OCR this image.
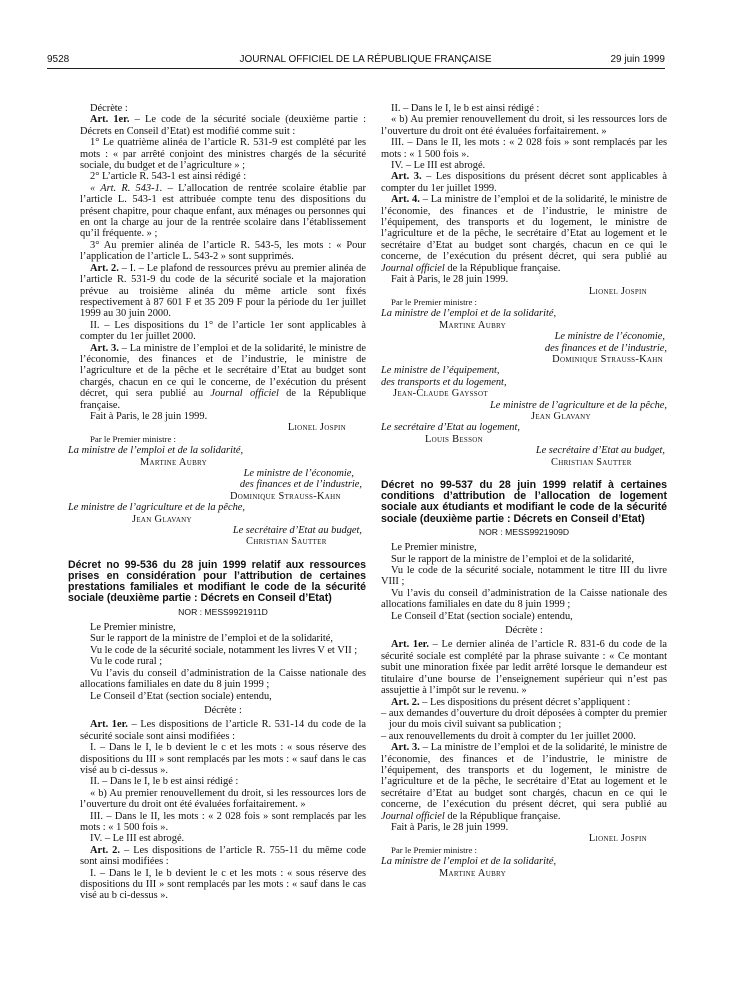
9528	JOURNAL OFFICIEL DE LA RÉPUBLIQUE FRANÇAISE	29 juin 1999
Décrète :
Art. 1er. – Le code de la sécurité sociale (deuxième partie : Décrets en Conseil d’Etat) est modifié comme suit :
1° Le quatrième alinéa de l’article R. 531-9 est complété par les mots : « par arrêté conjoint des ministres chargés de la sécurité sociale, du budget et de l’agriculture » ;
2° L’article R. 543-1 est ainsi rédigé :
« Art. R. 543-1. – L’allocation de rentrée scolaire établie par l’article L. 543-1 est attribuée compte tenu des dispositions du présent chapitre, pour chaque enfant, aux ménages ou personnes qui en ont la charge au jour de la rentrée scolaire dans l’établissement qu’il fréquente. » ;
3° Au premier alinéa de l’article R. 543-5, les mots : « Pour l’application de l’article L. 543-2 » sont supprimés.
Art. 2. – I. – Le plafond de ressources prévu au premier alinéa de l’article R. 531-9 du code de la sécurité sociale et la majoration prévue au troisième alinéa du même article sont fixés respectivement à 87 601 F et 35 209 F pour la période du 1er juillet 1999 au 30 juin 2000.
II. – Les dispositions du 1° de l’article 1er sont applicables à compter du 1er juillet 2000.
Art. 3. – La ministre de l’emploi et de la solidarité, le ministre de l’économie, des finances et de l’industrie, le ministre de l’agriculture et de la pêche et le secrétaire d’Etat au budget sont chargés, chacun en ce qui le concerne, de l’exécution du présent décret, qui sera publié au Journal officiel de la République française.
Fait à Paris, le 28 juin 1999.
Lionel Jospin
Par le Premier ministre :
La ministre de l’emploi et de la solidarité,
Martine Aubry
Le ministre de l’économie,
des finances et de l’industrie,
Dominique Strauss-Kahn
Le ministre de l’agriculture et de la pêche,
Jean Glavany
Le secrétaire d’Etat au budget,
Christian Sautter
Décret no 99-536 du 28 juin 1999 relatif aux ressources prises en considération pour l’attribution de certaines prestations familiales et modifiant le code de la sécurité sociale (deuxième partie : Décrets en Conseil d’Etat)
NOR : MESS9921911D
Le Premier ministre,
Sur le rapport de la ministre de l’emploi et de la solidarité,
Vu le code de la sécurité sociale, notamment les livres V et VII ;
Vu le code rural ;
Vu l’avis du conseil d’administration de la Caisse nationale des allocations familiales en date du 8 juin 1999 ;
Le Conseil d’Etat (section sociale) entendu,
Décrète :
Art. 1er. – Les dispositions de l’article R. 531-14 du code de la sécurité sociale sont ainsi modifiées :
I. – Dans le I, le b devient le c et les mots : « sous réserve des dispositions du III » sont remplacés par les mots : « sauf dans le cas visé au b ci-dessus ».
II. – Dans le I, le b est ainsi rédigé :
« b) Au premier renouvellement du droit, si les ressources lors de l’ouverture du droit ont été évaluées forfaitairement. »
III. – Dans le II, les mots : « 2 028 fois » sont remplacés par les mots : « 1 500 fois ».
IV. – Le III est abrogé.
Art. 2. – Les dispositions de l’article R. 755-11 du même code sont ainsi modifiées :
I. – Dans le I, le b devient le c et les mots : « sous réserve des dispositions du III » sont remplacés par les mots : « sauf dans le cas visé au b ci-dessus ».
II. – Dans le I, le b est ainsi rédigé :
« b) Au premier renouvellement du droit, si les ressources lors de l’ouverture du droit ont été évaluées forfaitairement. »
III. – Dans le II, les mots : « 2 028 fois » sont remplacés par les mots : « 1 500 fois ».
IV. – Le III est abrogé.
Art. 3. – Les dispositions du présent décret sont applicables à compter du 1er juillet 1999.
Art. 4. – La ministre de l’emploi et de la solidarité, le ministre de l’économie, des finances et de l’industrie, le ministre de l’équipement, des transports et du logement, le ministre de l’agriculture et de la pêche, le secrétaire d’Etat au logement et le secrétaire d’Etat au budget sont chargés, chacun en ce qui le concerne, de l’exécution du présent décret, qui sera publié au Journal officiel de la République française.
Fait à Paris, le 28 juin 1999.
Lionel Jospin
Par le Premier ministre :
La ministre de l’emploi et de la solidarité,
Martine Aubry
Le ministre de l’économie,
des finances et de l’industrie,
Dominique Strauss-Kahn
Le ministre de l’équipement,
des transports et du logement,
Jean-Claude Gayssot
Le ministre de l’agriculture et de la pêche,
Jean Glavany
Le secrétaire d’Etat au logement,
Louis Besson
Le secrétaire d’Etat au budget,
Christian Sautter
Décret no 99-537 du 28 juin 1999 relatif à certaines conditions d’attribution de l’allocation de logement sociale aux étudiants et modifiant le code de la sécurité sociale (deuxième partie : Décrets en Conseil d’Etat)
NOR : MESS9921909D
Le Premier ministre,
Sur le rapport de la ministre de l’emploi et de la solidarité,
Vu le code de la sécurité sociale, notamment le titre III du livre VIII ;
Vu l’avis du conseil d’administration de la Caisse nationale des allocations familiales en date du 8 juin 1999 ;
Le Conseil d’Etat (section sociale) entendu,
Décrète :
Art. 1er. – Le dernier alinéa de l’article R. 831-6 du code de la sécurité sociale est complété par la phrase suivante : « Ce montant subit une minoration fixée par ledit arrêté lorsque le demandeur est titulaire d’une bourse de l’enseignement supérieur qui n’est pas assujettie à l’impôt sur le revenu. »
Art. 2. – Les dispositions du présent décret s’appliquent :
– aux demandes d’ouverture du droit déposées à compter du premier jour du mois civil suivant sa publication ;
– aux renouvellements du droit à compter du 1er juillet 2000.
Art. 3. – La ministre de l’emploi et de la solidarité, le ministre de l’économie, des finances et de l’industrie, le ministre de l’équipement, des transports et du logement, le ministre de l’agriculture et de la pêche, le secrétaire d’Etat au logement et le secrétaire d’Etat au budget sont chargés, chacun en ce qui le concerne, de l’exécution du présent décret, qui sera publié au Journal officiel de la République française.
Fait à Paris, le 28 juin 1999.
Lionel Jospin
Par le Premier ministre :
La ministre de l’emploi et de la solidarité,
Martine Aubry
